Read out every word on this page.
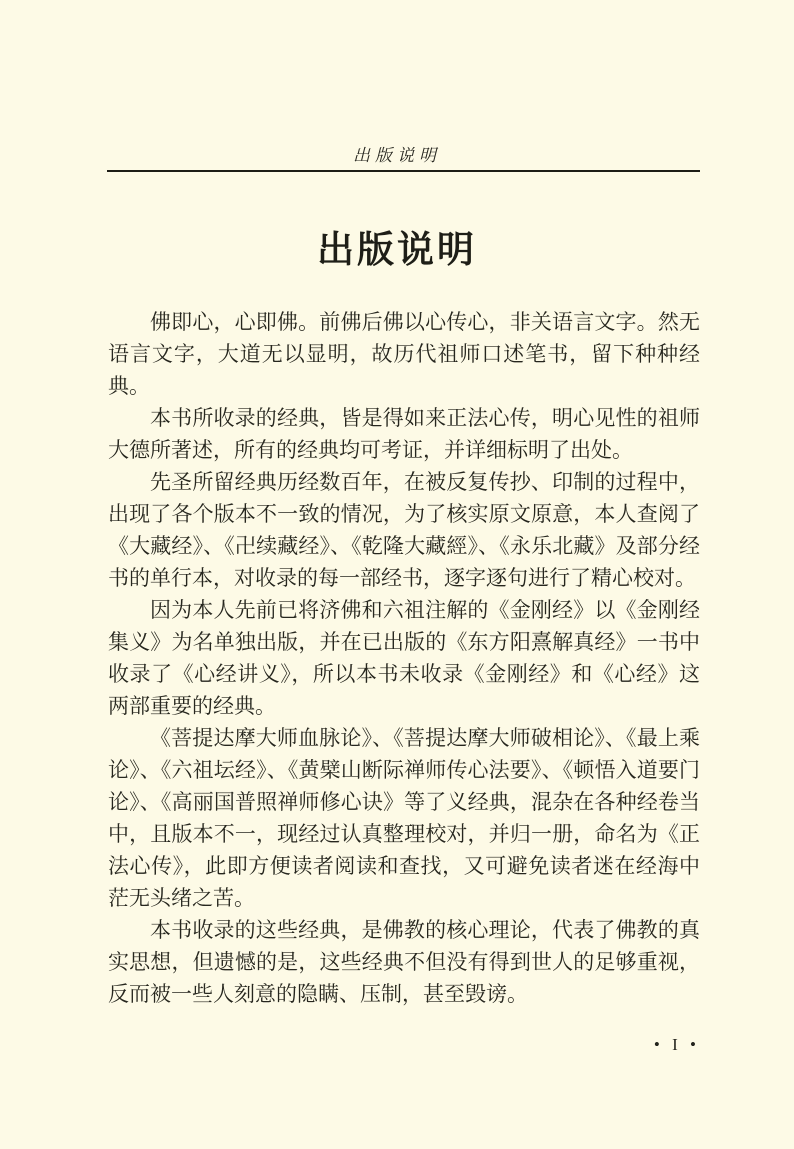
出版说明
出版说明

佛即心，心即佛。前佛后佛以心传心，非关语言文字。然无语言文字，大道无以显明，故历代祖师口述笔书，留下种种经典。

本书所收录的经典，皆是得如来正法心传，明心见性的祖师大德所著述，所有的经典均可考证，并详细标明了出处。

先圣所留经典历经数百年，在被反复传抄、印制的过程中，出现了各个版本不一致的情况，为了核实原文原意，本人查阅了《大藏经》、《卍续藏经》、《乾隆大藏經》、《永乐北藏》及部分经书的单行本，对收录的每一部经书，逐字逐句进行了精心校对。

因为本人先前已将济佛和六祖注解的《金刚经》以《金刚经集义》为名单独出版，并在已出版的《东方阳熹解真经》一书中收录了《心经讲义》，所以本书未收录《金刚经》和《心经》这两部重要的经典。

《菩提达摩大师血脉论》、《菩提达摩大师破相论》、《最上乘论》、《六祖坛经》、《黄檗山断际禅师传心法要》、《顿悟入道要门论》、《高丽国普照禅师修心诀》等了义经典，混杂在各种经卷当中，且版本不一，现经过认真整理校对，并归一册，命名为《正法心传》，此即方便读者阅读和查找，又可避免读者迷在经海中茫无头绪之苦。

本书收录的这些经典，是佛教的核心理论，代表了佛教的真实思想，但遗憾的是，这些经典不但没有得到世人的足够重视，反而被一些人刻意的隐瞒、压制，甚至毁谤。

• I •
